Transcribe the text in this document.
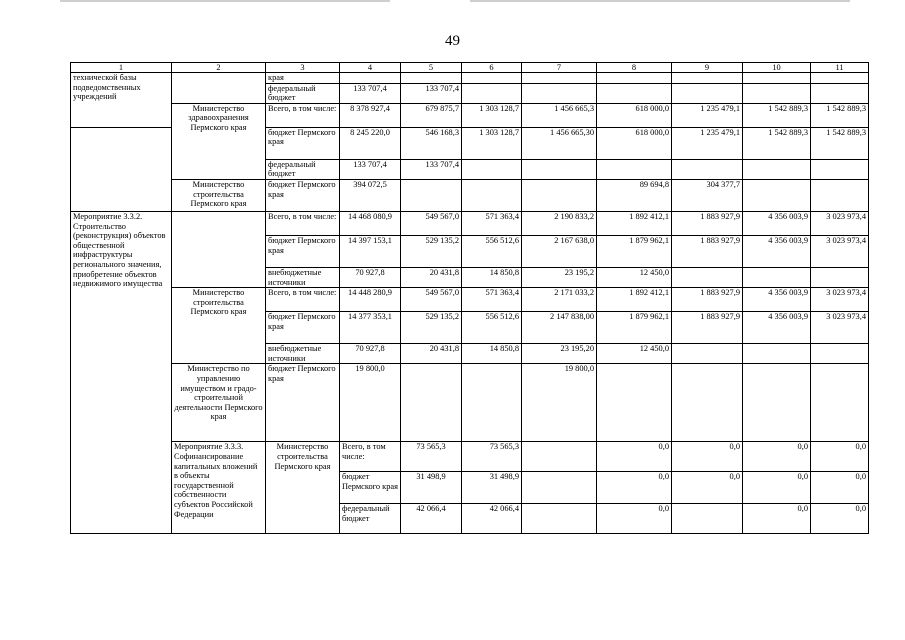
49
1	2	3	4	5	6	7	8	9	10	11	
технической базы подведомственных учреждений		края									
		федеральный бюджет	133 707,4	133 707,4							
	Министерство здравоохранения Пермского края	Всего, в том числе:	8 378 927,4	679 875,7	1 303 128,7	1 456 665,3	618 000,0	1 235 479,1	1 542 889,3	1 542 889,3	
		бюджет Пермского края	8 245 220,0	546 168,3	1 303 128,7	1 456 665,30	618 000,0	1 235 479,1	1 542 889,3	1 542 889,3	
		федеральный бюджет	133 707,4	133 707,4							
	Министерство строительства Пермского края	бюджет Пермского края	394 072,5				89 694,8	304 377,7			
Мероприятие 3.3.2. Строительство (реконструкция) объектов общественной инфраструктуры регионального значения, приобретение объектов недвижимого имущества		Всего, в том числе:	14 468 080,9	549 567,0	571 363,4	2 190 833,2	1 892 412,1	1 883 927,9	4 356 003,9	3 023 973,4	
		бюджет Пермского края	14 397 153,1	529 135,2	556 512,6	2 167 638,0	1 879 962,1	1 883 927,9	4 356 003,9	3 023 973,4	
		внебюджетные источники	70 927,8	20 431,8	14 850,8	23 195,2	12 450,0				
	Министерство строительства Пермского края	Всего, в том числе:	14 448 280,9	549 567,0	571 363,4	2 171 033,2	1 892 412,1	1 883 927,9	4 356 003,9	3 023 973,4	
		бюджет Пермского края	14 377 353,1	529 135,2	556 512,6	2 147 838,00	1 879 962,1	1 883 927,9	4 356 003,9	3 023 973,4	
		внебюджетные источники	70 927,8	20 431,8	14 850,8	23 195,20	12 450,0				
	Министерство по управлению имуществом и градо-строительной деятельности Пермского края	бюджет Пермского края	19 800,0			19 800,0					
	Мероприятие 3.3.3. Софинансирование капитальных вложений в объекты государственной собственности субъектов Российской Федерации	Министерство строительства Пермского края	Всего, в том числе:	73 565,3	73 565,3		0,0	0,0	0,0	0,0	
			бюджет Пермского края	31 498,9	31 498,9		0,0	0,0	0,0	0,0	
			федеральный бюджет	42 066,4	42 066,4		0,0		0,0	0,0	
